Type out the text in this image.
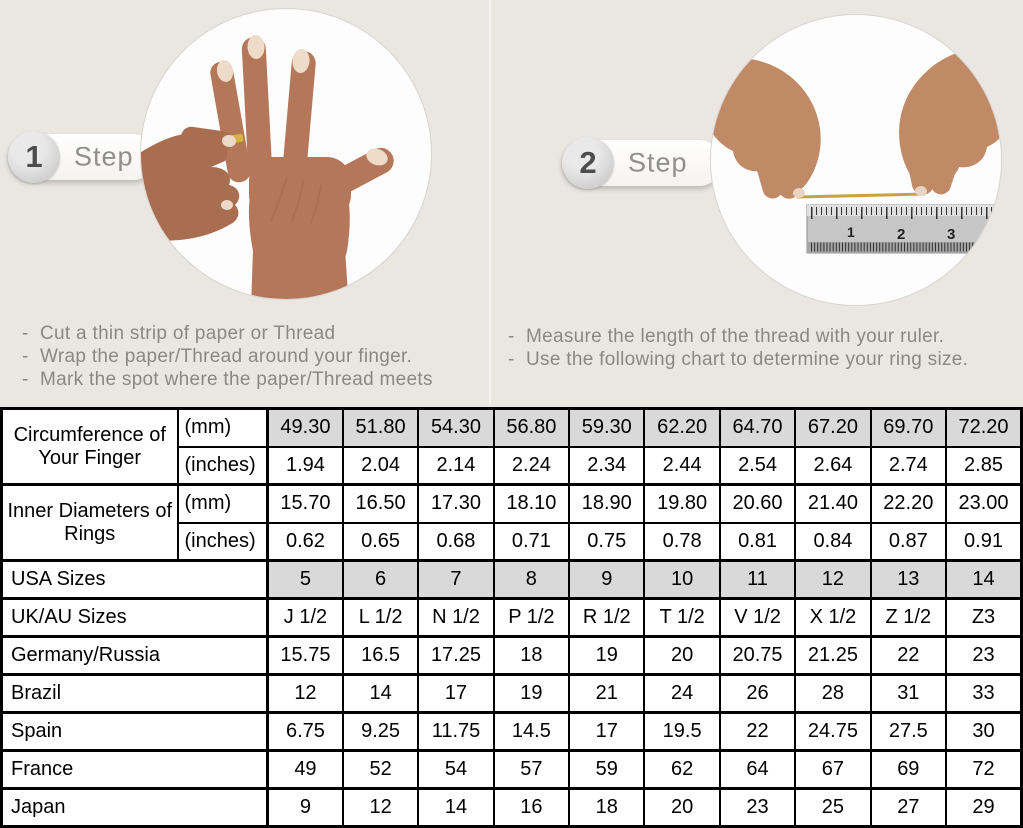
1	Step
- Cut a thin strip of paper or Thread
- Wrap the paper/Thread around your finger.
- Mark the spot where the paper/Thread meets
1	2	3
2	Step
- Measure the length of the thread with your ruler.
- Use the following chart to determine your ring size.
Circumference of Your Finger	(mm)	49.30	51.80	54.30	56.80	59.30	62.20	64.70	67.20	69.70	72.20
	(inches)	1.94	2.04	2.14	2.24	2.34	2.44	2.54	2.64	2.74	2.85
Inner Diameters of Rings	(mm)	15.70	16.50	17.30	18.10	18.90	19.80	20.60	21.40	22.20	23.00
	(inches)	0.62	0.65	0.68	0.71	0.75	0.78	0.81	0.84	0.87	0.91
USA Sizes		5	6	7	8	9	10	11	12	13	14
UK/AU Sizes		J 1/2	L 1/2	N 1/2	P 1/2	R 1/2	T 1/2	V 1/2	X 1/2	Z 1/2	Z3
Germany/Russia		15.75	16.5	17.25	18	19	20	20.75	21.25	22	23
Brazil		12	14	17	19	21	24	26	28	31	33
Spain		6.75	9.25	11.75	14.5	17	19.5	22	24.75	27.5	30
France		49	52	54	57	59	62	64	67	69	72
Japan		9	12	14	16	18	20	23	25	27	29
